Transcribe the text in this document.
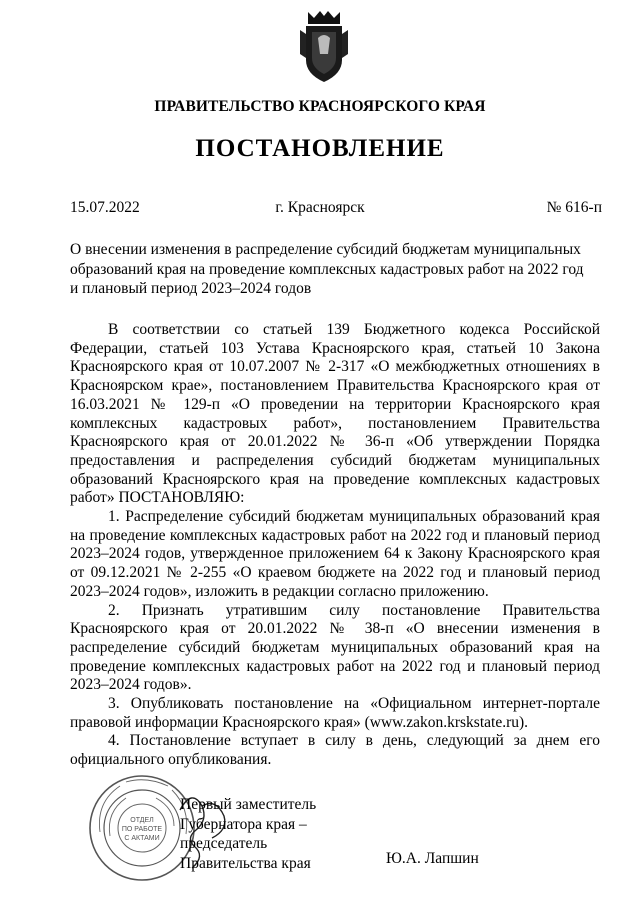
ПРАВИТЕЛЬСТВО КРАСНОЯРСКОГО КРАЯ
ПОСТАНОВЛЕНИЕ
15.07.2022	г. Красноярск	№ 616-п
О внесении изменения в распределение субсидий бюджетам муниципальных
образований края на проведение комплексных кадастровых работ на 2022 год
и плановый период 2023–2024 годов

В соответствии со статьей 139 Бюджетного кодекса Российской Федерации, статьей 103 Устава Красноярского края, статьей 10 Закона Красноярского края от 10.07.2007 № 2-317 «О межбюджетных отношениях в Красноярском крае», постановлением Правительства Красноярского края от 16.03.2021 № 129-п «О проведении на территории Красноярского края комплексных кадастровых работ», постановлением Правительства Красноярского края от 20.01.2022 № 36-п «Об утверждении Порядка предоставления и распределения субсидий бюджетам муниципальных образований Красноярского края на проведение комплексных кадастровых работ» ПОСТАНОВЛЯЮ:

1. Распределение субсидий бюджетам муниципальных образований края на проведение комплексных кадастровых работ на 2022 год и плановый период 2023–2024 годов, утвержденное приложением 64 к Закону Красноярского края от 09.12.2021 № 2-255 «О краевом бюджете на 2022 год и плановый период 2023–2024 годов», изложить в редакции согласно приложению.

2. Признать утратившим силу постановление Правительства Красноярского края от 20.01.2022 № 38-п «О внесении изменения в распределение субсидий бюджетам муниципальных образований края на проведение комплексных кадастровых работ на 2022 год и плановый период 2023–2024 годов».

3. Опубликовать постановление на «Официальном интернет-портале правовой информации Красноярского края» (www.zakon.krskstate.ru).

4. Постановление вступает в силу в день, следующий за днем его официального опубликования.

ОТДЕЛ
ПО РАБОТЕ
С АКТАМИ
Первый заместитель
Губернатора края –
председатель
Правительства края	Ю.А. Лапшин
